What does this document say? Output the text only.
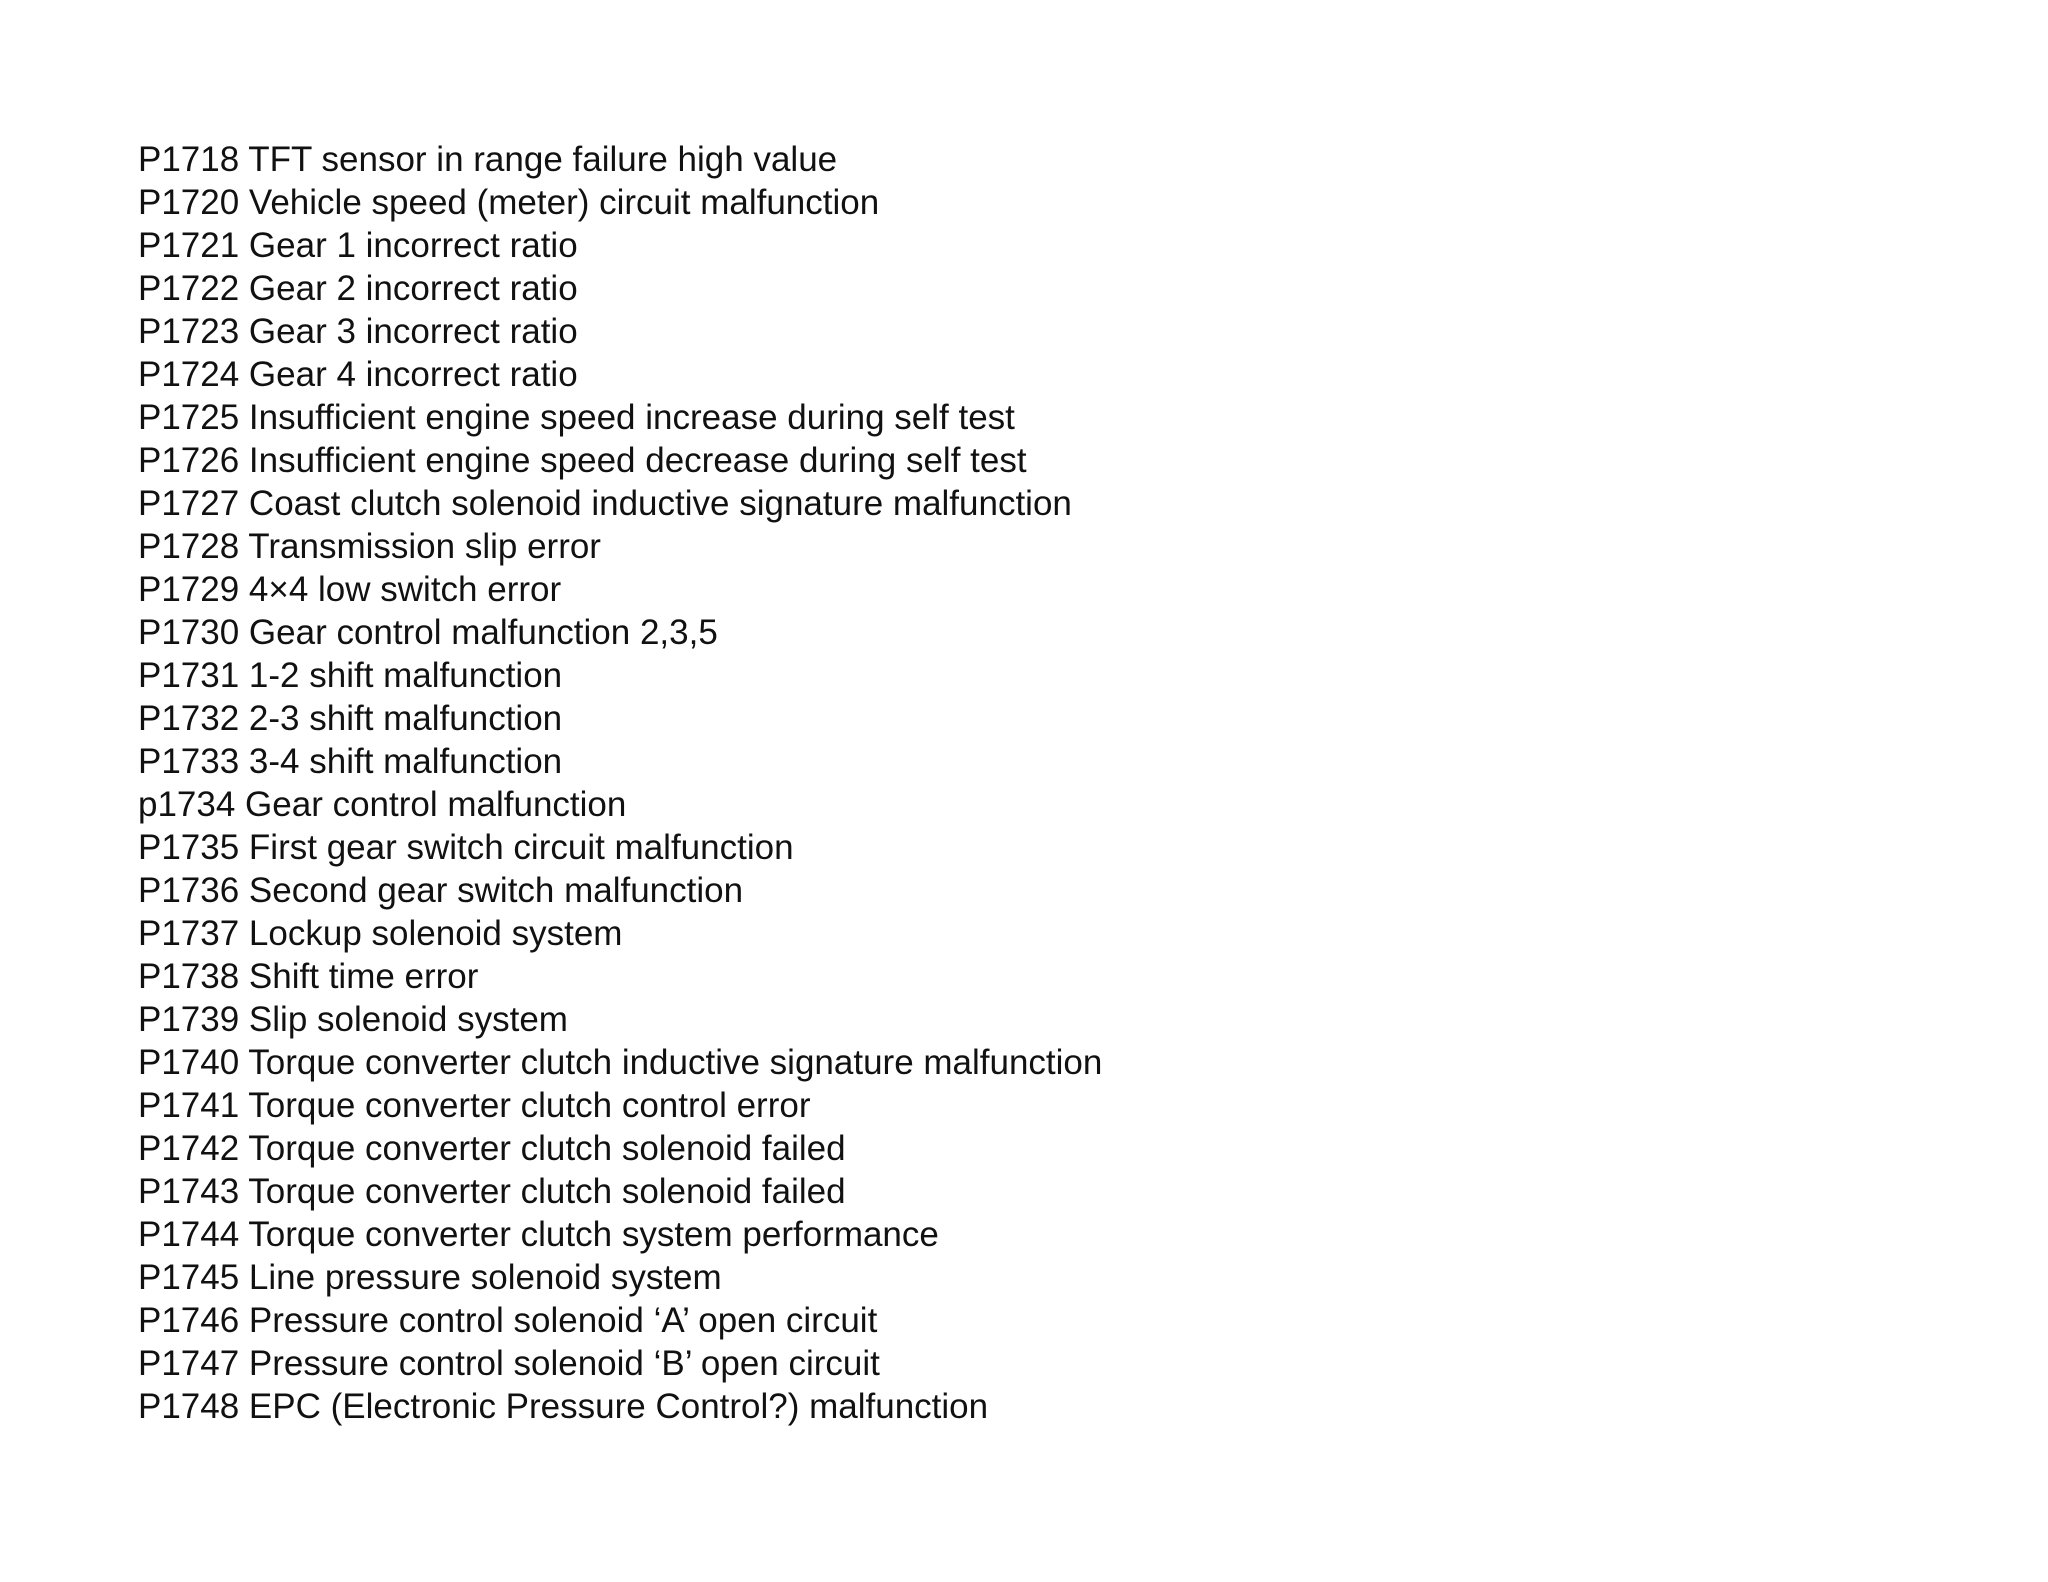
P1718 TFT sensor in range failure high value
P1720 Vehicle speed (meter) circuit malfunction
P1721 Gear 1 incorrect ratio
P1722 Gear 2 incorrect ratio
P1723 Gear 3 incorrect ratio
P1724 Gear 4 incorrect ratio
P1725 Insufficient engine speed increase during self test
P1726 Insufficient engine speed decrease during self test
P1727 Coast clutch solenoid inductive signature malfunction
P1728 Transmission slip error
P1729 4×4 low switch error
P1730 Gear control malfunction 2,3,5
P1731 1-2 shift malfunction
P1732 2-3 shift malfunction
P1733 3-4 shift malfunction
p1734 Gear control malfunction
P1735 First gear switch circuit malfunction
P1736 Second gear switch malfunction
P1737 Lockup solenoid system
P1738 Shift time error
P1739 Slip solenoid system
P1740 Torque converter clutch inductive signature malfunction
P1741 Torque converter clutch control error
P1742 Torque converter clutch solenoid failed
P1743 Torque converter clutch solenoid failed
P1744 Torque converter clutch system performance
P1745 Line pressure solenoid system
P1746 Pressure control solenoid ‘A’ open circuit
P1747 Pressure control solenoid ‘B’ open circuit
P1748 EPC (Electronic Pressure Control?) malfunction
